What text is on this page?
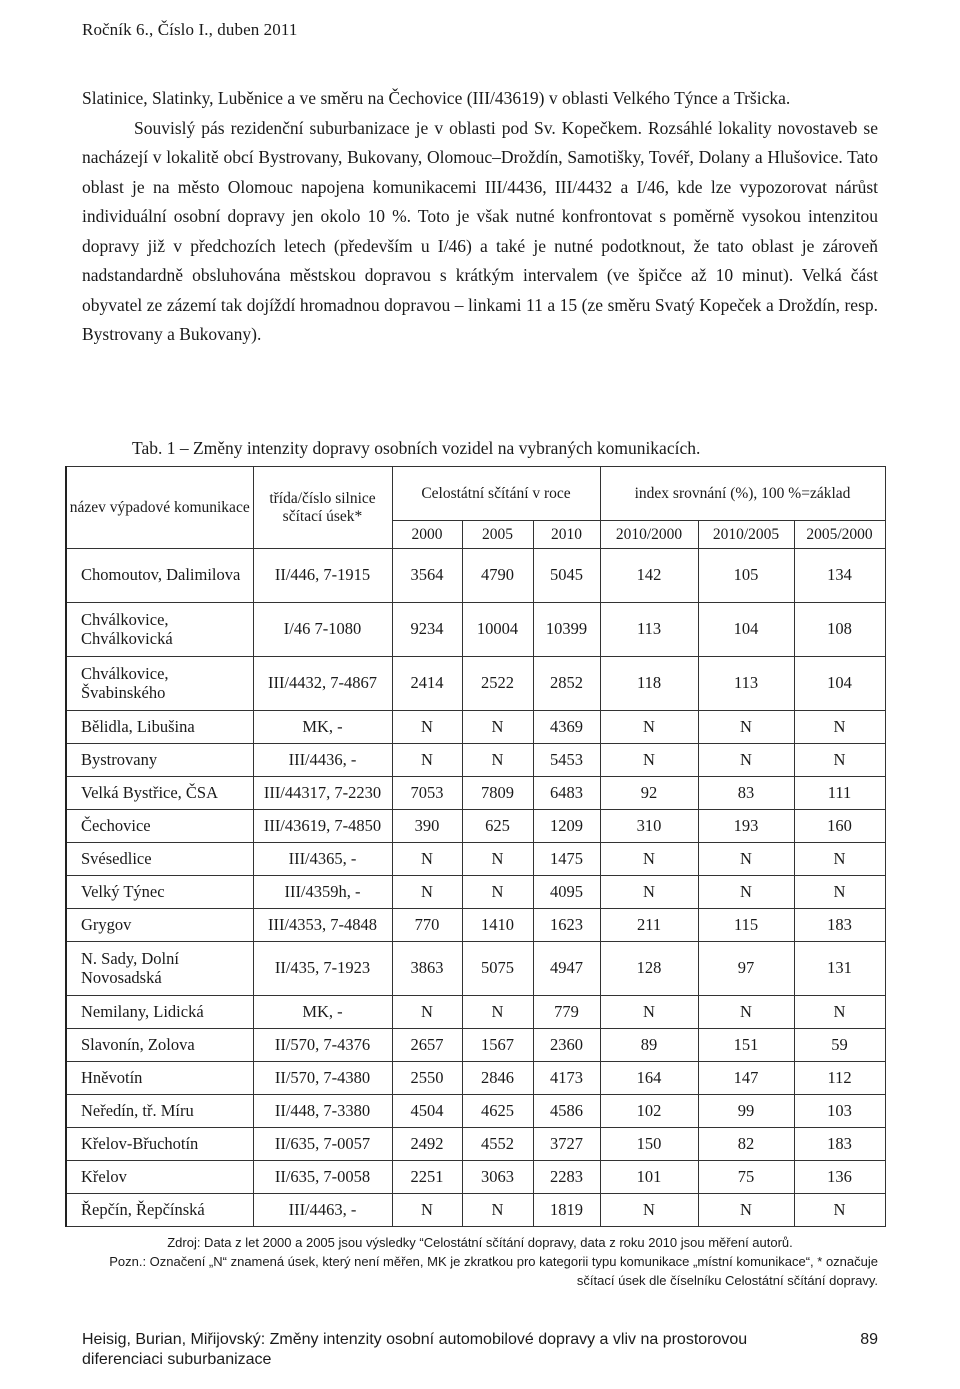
Ročník 6., Číslo I., duben 2011

Slatinice, Slatinky, Luběnice a ve směru na Čechovice (III/43619) v oblasti Velkého Týnce a Tršicka.

Souvislý pás rezidenční suburbanizace je v oblasti pod Sv. Kopečkem. Rozsáhlé lokality novostaveb se nacházejí v lokalitě obcí Bystrovany, Bukovany, Olomouc–Droždín, Samotišky, Tovéř, Dolany a Hlušovice. Tato oblast je na město Olomouc napojena komunikacemi III/4436, III/4432 a I/46, kde lze vypozorovat nárůst individuální osobní dopravy jen okolo 10 %. Toto je však nutné konfrontovat s poměrně vysokou intenzitou dopravy již v předchozích letech (především u I/46) a také je nutné podotknout, že tato oblast je zároveň nadstandardně obsluhována městskou dopravou s krátkým intervalem (ve špičce až 10 minut). Velká část obyvatel ze zázemí tak dojíždí hromadnou dopravou – linkami 11 a 15 (ze směru Svatý Kopeček a Droždín, resp. Bystrovany a Bukovany).

Tab. 1 – Změny intenzity dopravy osobních vozidel na vybraných komunikacích.
název výpadové komunikace	třída/číslo silnice sčítací úsek*	Celostátní sčítání v roce			index srovnání (%), 100 %=základ		
		2000	2005	2010	2010/2000	2010/2005	2005/2000
Chomoutov, Dalimilova	II/446, 7-1915	3564	4790	5045	142	105	134
Chválkovice, Chválkovická	I/46 7-1080	9234	10004	10399	113	104	108
Chválkovice, Švabinského	III/4432, 7-4867	2414	2522	2852	118	113	104
Bělidla, Libušina	MK, -	N	N	4369	N	N	N
Bystrovany	III/4436, -	N	N	5453	N	N	N
Velká Bystřice, ČSA	III/44317, 7-2230	7053	7809	6483	92	83	111
Čechovice	III/43619, 7-4850	390	625	1209	310	193	160
Svésedlice	III/4365, -	N	N	1475	N	N	N
Velký Týnec	III/4359h, -	N	N	4095	N	N	N
Grygov	III/4353, 7-4848	770	1410	1623	211	115	183
N. Sady, Dolní Novosadská	II/435, 7-1923	3863	5075	4947	128	97	131
Nemilany, Lidická	MK, -	N	N	779	N	N	N
Slavonín, Zolova	II/570, 7-4376	2657	1567	2360	89	151	59
Hněvotín	II/570, 7-4380	2550	2846	4173	164	147	112
Neředín, tř. Míru	II/448, 7-3380	4504	4625	4586	102	99	103
Křelov-Břuchotín	II/635, 7-0057	2492	4552	3727	150	82	183
Křelov	II/635, 7-0058	2251	3063	2283	101	75	136
Řepčín, Řepčínská	III/4463, -	N	N	1819	N	N	N

Zdroj: Data z let 2000 a 2005 jsou výsledky “Celostátní sčítání dopravy, data z roku 2010 jsou měření autorů.

Pozn.: Označení „N“ znamená úsek, který není měřen, MK je zkratkou pro kategorii typu komunikace „místní komunikace“, * označuje sčítací úsek dle číselníku Celostátní sčítání dopravy.

Heisig, Burian, Miřijovský: Změny intenzity osobní automobilové dopravy a vliv na prostorovou diferenciaci suburbanizace
89
